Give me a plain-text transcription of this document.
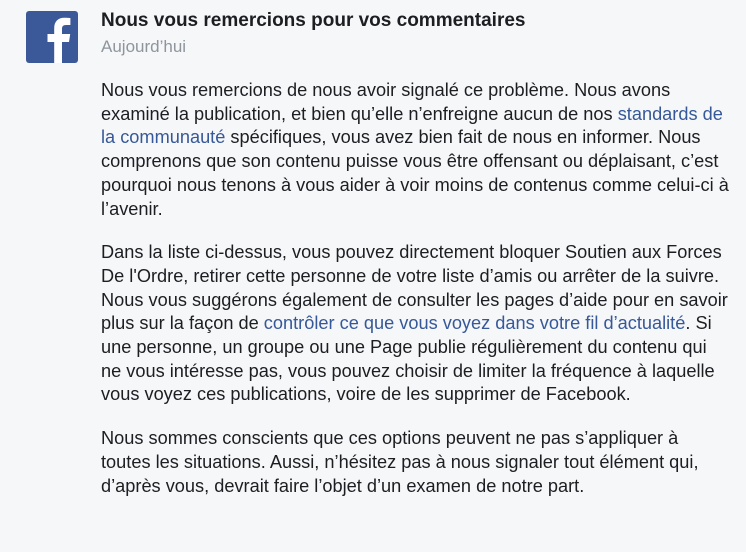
Nous vous remercions pour vos commentaires
Aujourd’hui

Nous vous remercions de nous avoir signalé ce problème. Nous avons examiné la publication, et bien qu’elle n’enfreigne aucun de nos standards de la communauté spécifiques, vous avez bien fait de nous en informer. Nous comprenons que son contenu puisse vous être offensant ou déplaisant, c’est pourquoi nous tenons à vous aider à voir moins de contenus comme celui-ci à l’avenir.

Dans la liste ci-dessus, vous pouvez directement bloquer Soutien aux Forces De l'Ordre, retirer cette personne de votre liste d’amis ou arrêter de la suivre. Nous vous suggérons également de consulter les pages d’aide pour en savoir plus sur la façon de contrôler ce que vous voyez dans votre fil d’actualité. Si une personne, un groupe ou une Page publie régulièrement du contenu qui ne vous intéresse pas, vous pouvez choisir de limiter la fréquence à laquelle vous voyez ces publications, voire de les supprimer de Facebook.

Nous sommes conscients que ces options peuvent ne pas s’appliquer à toutes les situations. Aussi, n’hésitez pas à nous signaler tout élément qui, d’après vous, devrait faire l’objet d’un examen de notre part.
